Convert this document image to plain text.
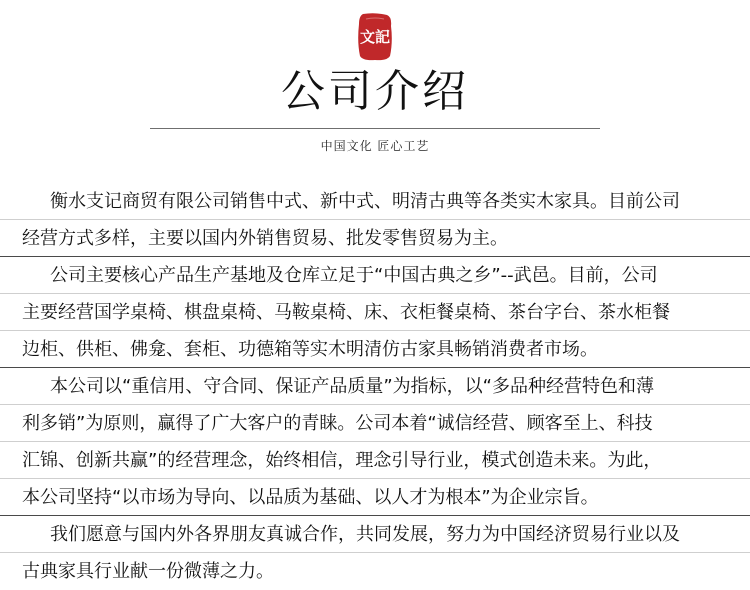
文記
公司介绍
中国文化 匠心工艺
衡水支记商贸有限公司销售中式、新中式、明清古典等各类实木家具。目前公司
经营方式多样，主要以国内外销售贸易、批发零售贸易为主。
公司主要核心产品生产基地及仓库立足于“中国古典之乡”--武邑。目前，公司
主要经营国学桌椅、棋盘桌椅、马鞍桌椅、床、衣柜餐桌椅、茶台字台、茶水柜餐
边柜、供柜、佛龛、套柜、功德箱等实木明清仿古家具畅销消费者市场。
本公司以“重信用、守合同、保证产品质量”为指标，以“多品种经营特色和薄
利多销”为原则，赢得了广大客户的青睐。公司本着“诚信经营、顾客至上、科技
汇锦、创新共赢”的经营理念，始终相信，理念引导行业，模式创造未来。为此，
本公司坚持“以市场为导向、以品质为基础、以人才为根本”为企业宗旨。
我们愿意与国内外各界朋友真诚合作，共同发展，努力为中国经济贸易行业以及
古典家具行业献一份微薄之力。
